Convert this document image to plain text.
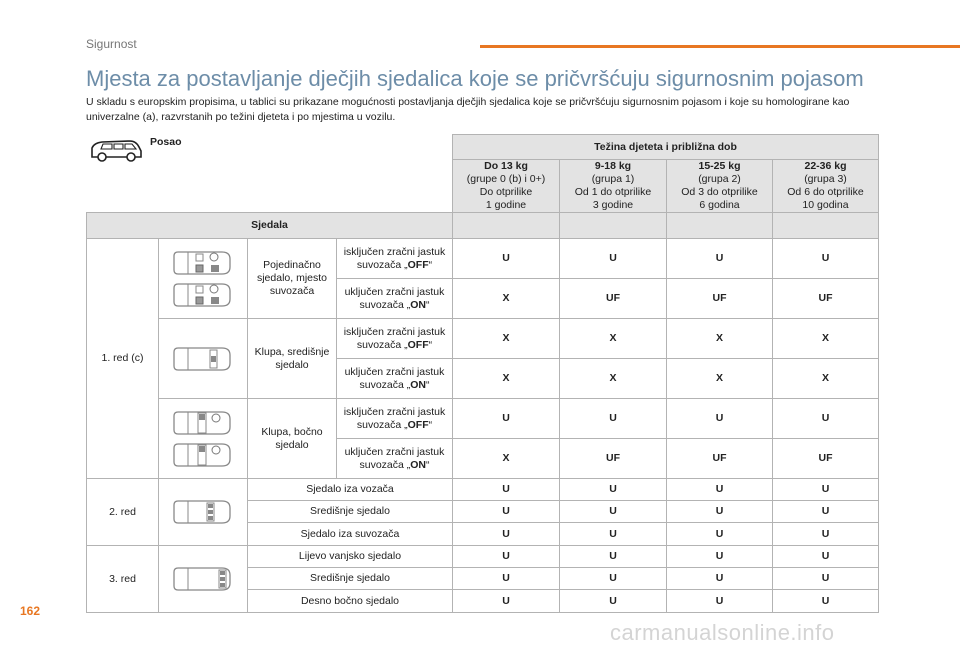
Sigurnost
Mjesta za postavljanje dječjih sjedalica koje se pričvršćuju sigurnosnim pojasom
U skladu s europskim propisima, u tablici su prikazane mogućnosti postavljanja dječjih sjedalica koje se pričvršćuju sigurnosnim pojasom i koje su homologirane kao univerzalne (a), razvrstanih po težini djeteta i po mjestima u vozilu.
Posao
				Težina djeteta i približna dob			
				Do 13 kg
(grupe 0 (b) i 0+)
Do otprilike
1 godine	9-18 kg
(grupa 1)
Od 1 do otprilike
3 godine	15-25 kg
(grupa 2)
Od 3 do otprilike
6 godina	22-36 kg
(grupa 3)
Od 6 do otprilike
10 godina
Sjedala							
1. red (c)		Pojedinačno sjedalo, mjesto suvozača	isključen zračni jastuk suvozača „OFF“	U	U	U	U
			uključen zračni jastuk suvozača „ON“	X	UF	UF	UF

	Klupa, središnje sjedalo	isključen zračni jastuk suvozača „OFF“	X	X	X	X
			uključen zračni jastuk suvozača „ON“	X	X	X	X

	Klupa, bočno sjedalo	isključen zračni jastuk suvozača „OFF“	U	U	U	U
			uključen zračni jastuk suvozača „ON“	X	UF	UF	UF
2. red		Sjedalo iza vozača		U	U	U	U
		Središnje sjedalo		U	U	U	U
		Sjedalo iza suvozača		U	U	U	U
3. red		Lijevo vanjsko sjedalo		U	U	U	U
		Središnje sjedalo		U	U	U	U
		Desno bočno sjedalo		U	U	U	U
162
carmanualsonline.info
